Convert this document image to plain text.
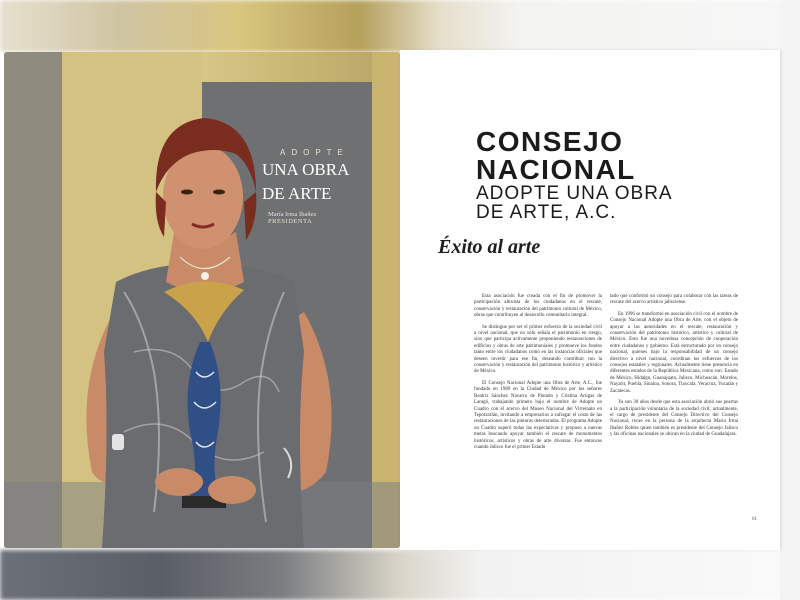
ADOPTE
UNA OBRA
DE ARTE
María Irma Ibañez
PRESIDENTA
CONSEJO
NACIONAL
ADOPTE UNA OBRA
DE ARTE, A.C.
Éxito al arte

Esta asociación fue creada con el fin de promover la participación altruista de los ciudadanos en el rescate, conservación y restauración del patrimonio cultural de México, obras que contribuyen al desarrollo comunitario integral.

Se distingue por ser el primer esfuerzo de la sociedad civil a nivel nacional, que no sólo señala el patrimonio en riesgo, sino que participa activamente proponiendo restauraciones de edificios y obras de arte patrimoniales y promueve los fondos tanto entre los ciudadanos como en las instancias oficiales que deseen invertir para ese fin, deseando contribuir con la conservación y restauración del patrimonio histórico y artístico de México.

El Consejo Nacional Adopte una Obra de Arte, A.C., fue fundado en 1989 en la Ciudad de México por los señores Beatriz Sánchez Navarro de Pintado y Cristina Artigas de Laragó, trabajando primero bajo el nombre de Adopte un Cuadro con el acervo del Museo Nacional del Virreinato en Tepotzotlán, invitando a empresarios a sufragar el costo de las restauraciones de las pinturas deterioradas. El programa Adopte un Cuadro superó todas las expectativas y propuso a nuevas metas buscando apoyar también el rescate de monumentos históricos, artísticos y obras de arte diversas. Fue entonces cuando Jalisco fue el primer Estado

tado que conformó un consejo para colaborar con las tareas de rescate del acervo artístico jalisciense.

En 1996 se transformó en asociación civil con el nombre de Consejo Nacional Adopte una Obra de Arte, con el objeto de apoyar a las autoridades en el rescate, restauración y conservación del patrimonio histórico, artístico y cultural de México. Esto fue una novedosa concepción de cooperación entre ciudadanos y gobierno. Está estructurado por un consejo nacional, quienes bajo la responsabilidad de un consejo directivo a nivel nacional, coordinan los esfuerzos de los consejos estatales y regionales. Actualmente tiene presencia en diferentes estados de la República Mexicana, como son: Estado de México, Hidalgo, Guanajuato, Jalisco, Michoacán, Morelos, Nayarit, Puebla, Sinaloa, Sonora, Tlaxcala, Veracruz, Yucatán y Zacatecas.

Ya son 30 años desde que esta asociación abrió sus puertas a la participación voluntaria de la sociedad civil; actualmente, el cargo de presidente del Consejo Directivo del Consejo Nacional, recae en la persona de la arquitecta María Irma Ibañez Robles quien también es presidente del Consejo Jalisco y las oficinas nacionales se ubican en la ciudad de Guadalajara.

61
